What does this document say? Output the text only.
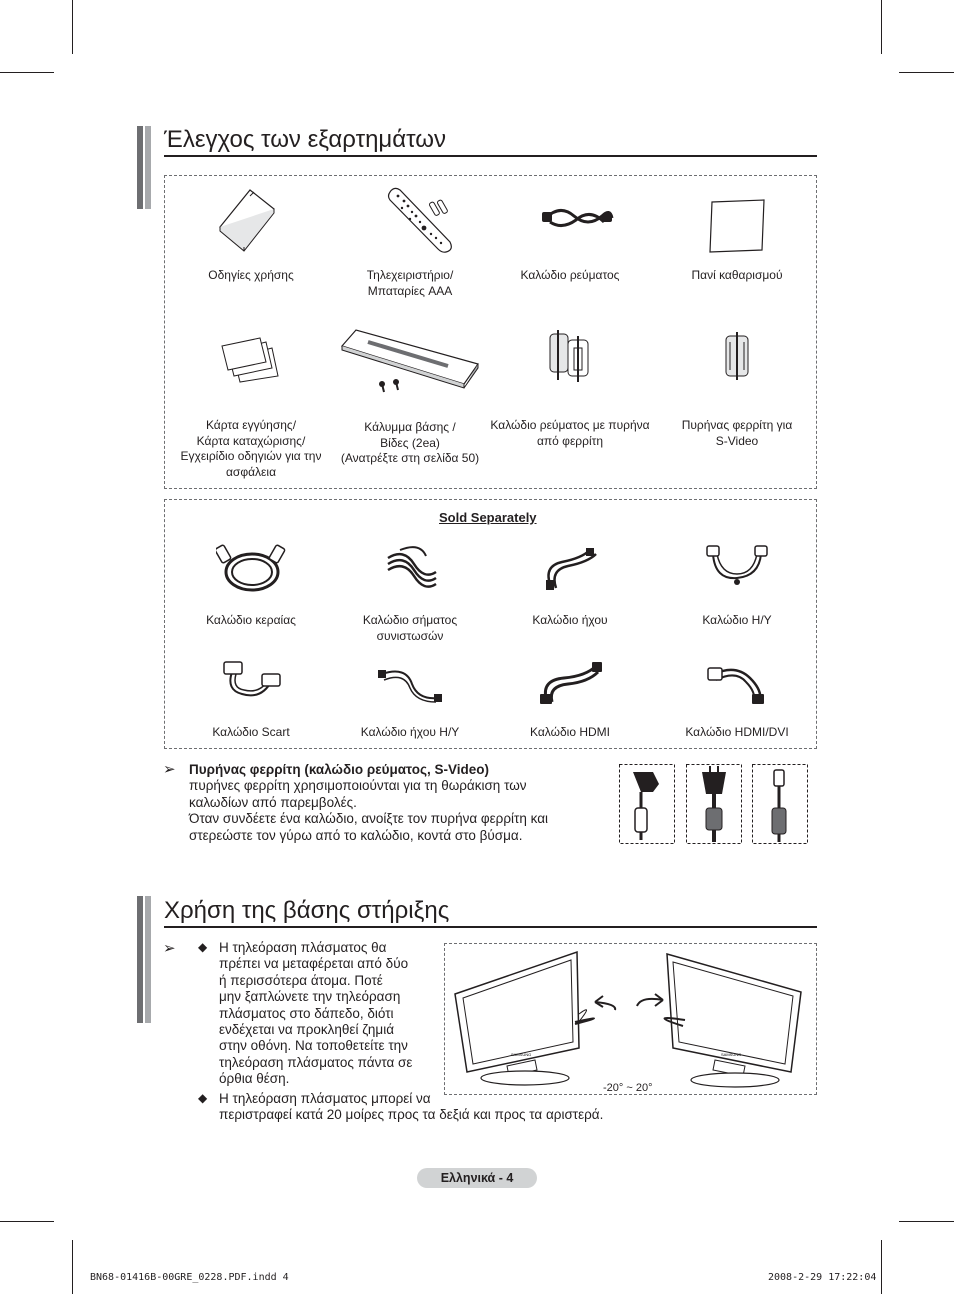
Έλεγχος των εξαρτημάτων
Οδηγίες χρήσης	Τηλεχειριστήριο/
Μπαταρίες AAA
Καλώδιο ρεύματος	Πανί καθαρισμού
Κάρτα εγγύησης/
Κάρτα καταχώρισης/
Εγχειρίδιο οδηγιών για την
ασφάλεια
Κάλυμμα βάσης /
Βίδες (2ea)
(Ανατρέξτε στη σελίδα 50)
Καλώδιο ρεύματος με πυρήνα
από φερρίτη
Πυρήνας φερρίτη για
S-Video
Sold Separately
Καλώδιο κεραίας	Καλώδιο σήματος
συνιστωσών
Καλώδιο ήχου	Καλώδιο Η/Υ
Καλώδιο Scart	Καλώδιο ήχου Η/Υ	Καλώδιο HDMI	Καλώδιο HDMI/DVI
➢ Πυρήνας φερρίτη (καλώδιο ρεύματος, S-Video)
πυρήνες φερρίτη χρησιμοποιούνται για τη θωράκιση των
καλωδίων από παρεμβολές.
Όταν συνδέετε ένα καλώδιο, ανοίξτε τον πυρήνα φερρίτη και
στερεώστε τον γύρω από το καλώδιο, κοντά στο βύσμα.
Χρήση της βάσης στήριξης
➢ ◆ Η τηλεόραση πλάσματος θα
πρέπει να μεταφέρεται από δύο
ή περισσότερα άτομα. Ποτέ
μην ξαπλώνετε την τηλεόραση
πλάσματος στο δάπεδο, διότι
ενδέχεται να προκληθεί ζημιά
στην οθόνη. Να τοποθετείτε την
τηλεόραση πλάσματος πάντα σε
όρθια θέση.
◆ Η τηλεόραση πλάσματος μπορεί να
περιστραφεί κατά 20 μοίρες προς τα δεξιά και προς τα αριστερά.
SAMSUNG	SAMSUNG
-20° ~ 20°
Ελληνικά - 4
BN68-01416B-00GRE_0228.PDF.indd 4	2008-2-29 17:22:04
